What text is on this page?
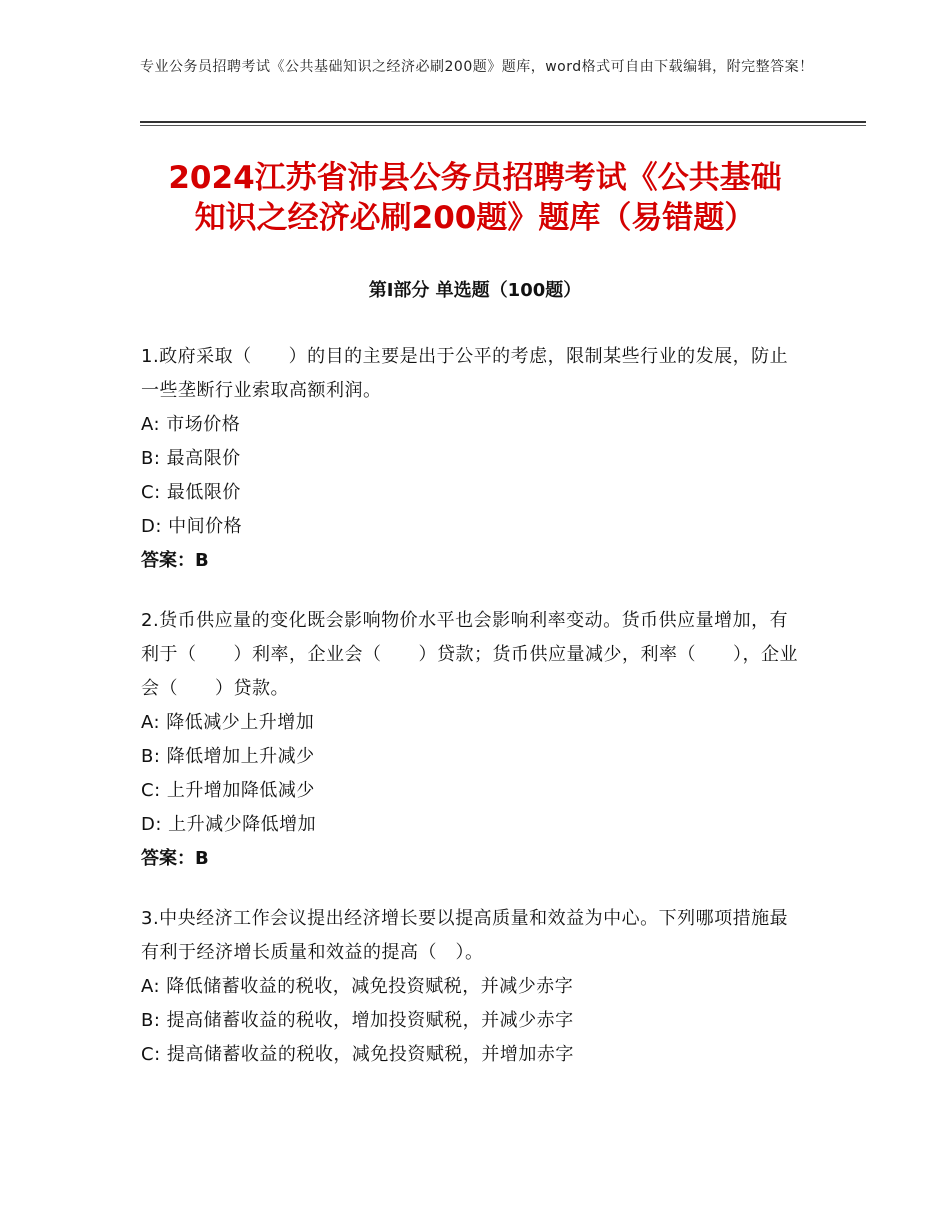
专业公务员招聘考试《公共基础知识之经济必刷200题》题库，word格式可自由下载编辑，附完整答案！
2024江苏省沛县公务员招聘考试《公共基础
知识之经济必刷200题》题库（易错题）
第Ⅰ部分 单选题（100题）

1.政府采取（　　）的目的主要是出于公平的考虑，限制某些行业的发展，防止一些垄断行业索取高额利润。

A: 市场价格
B: 最高限价
C: 最低限价
D: 中间价格
答案：B

2.货币供应量的变化既会影响物价水平也会影响利率变动。货币供应量增加，有利于（　　）利率，企业会（　　）贷款；货币供应量减少，利率（　　），企业会（　　）贷款。

A: 降低减少上升增加
B: 降低增加上升减少
C: 上升增加降低减少
D: 上升减少降低增加
答案：B

3.中央经济工作会议提出经济增长要以提高质量和效益为中心。下列哪项措施最有利于经济增长质量和效益的提高（　）。

A: 降低储蓄收益的税收，减免投资赋税，并减少赤字
B: 提高储蓄收益的税收，增加投资赋税，并减少赤字
C: 提高储蓄收益的税收，减免投资赋税，并增加赤字
